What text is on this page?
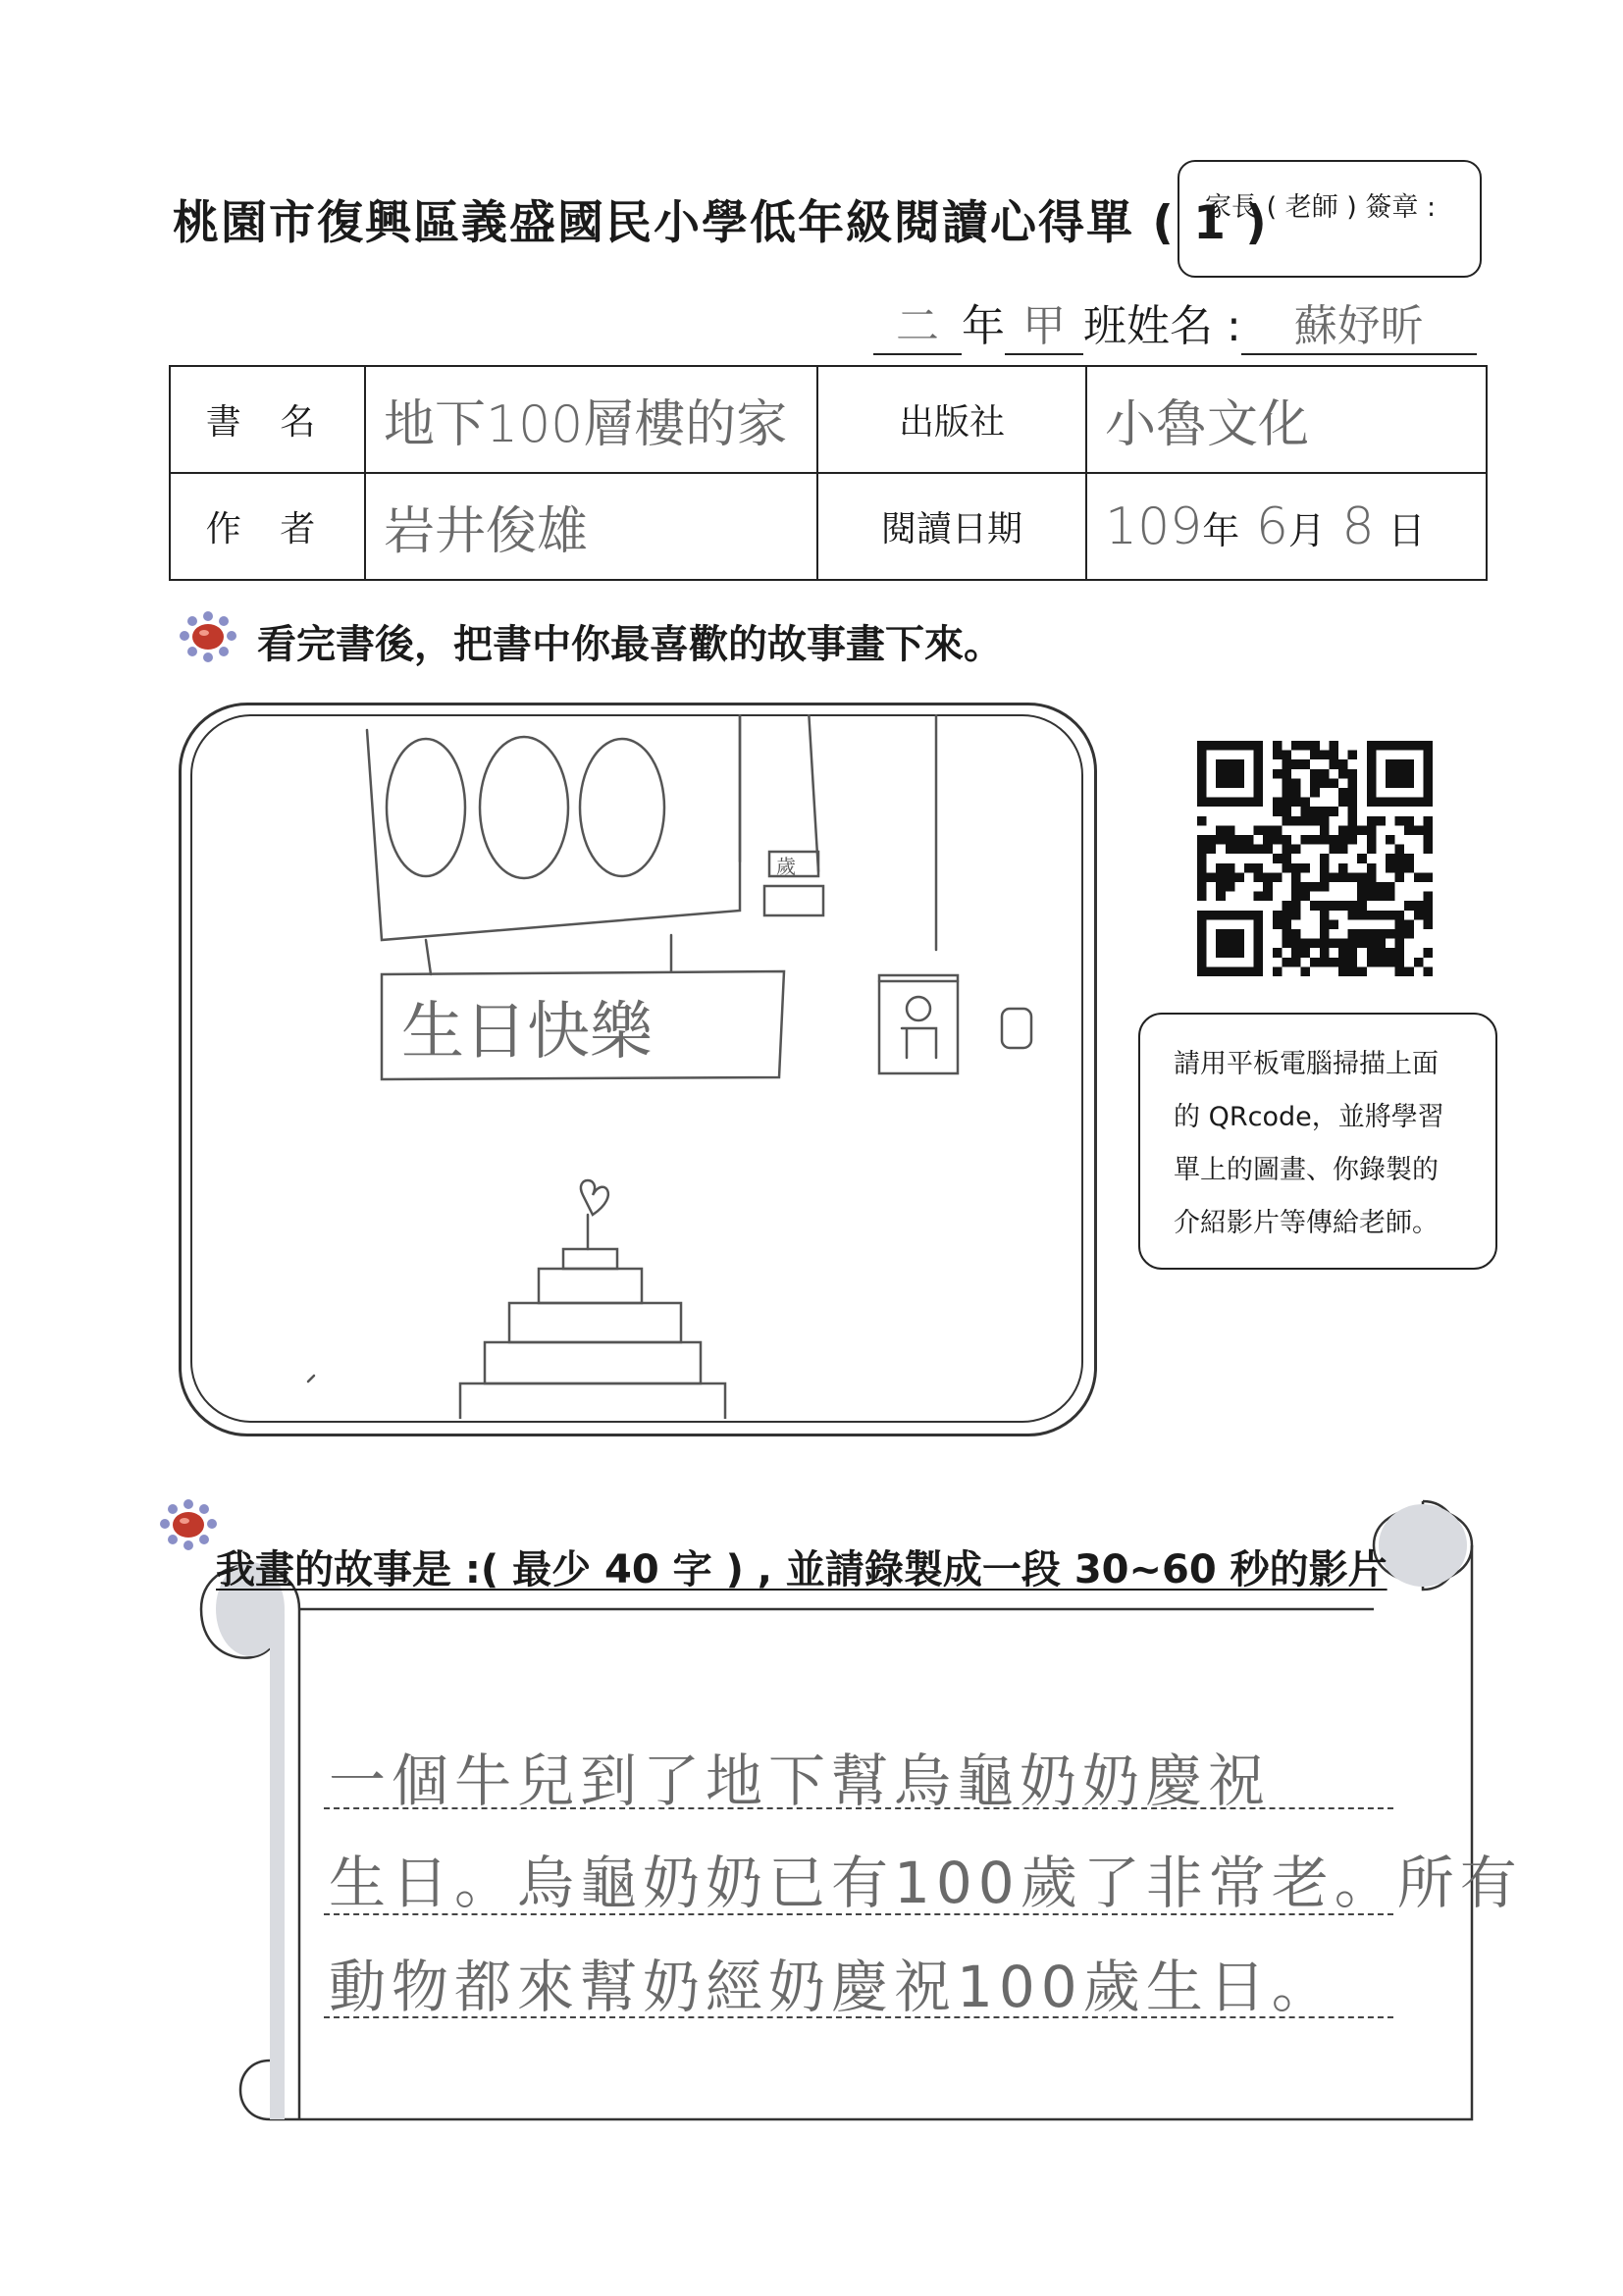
桃園市復興區義盛國民小學低年級閱讀心得單 ( 1 )
家長 ( 老師 ) 簽章 :
二 年 甲 班姓名 : 蘇妤昕
書 名	地下100層樓的家	出版社	小魯文化
作 者	岩井俊雄	閱讀日期	109年 6月 8 日
看完書後，把書中你最喜歡的故事畫下來。
生日快樂
歲

請用平板電腦掃描上面

的 QRcode，並將學習

單上的圖畫、你錄製的

介紹影片等傳給老師。

我畫的故事是 :( 最少 40 字 ) , 並請錄製成一段 30~60 秒的影片
一個牛兒到了地下幫烏龜奶奶慶祝
生日。烏龜奶奶已有100歲了非常老。所有
動物都來幫奶經奶慶祝100歲生日。
